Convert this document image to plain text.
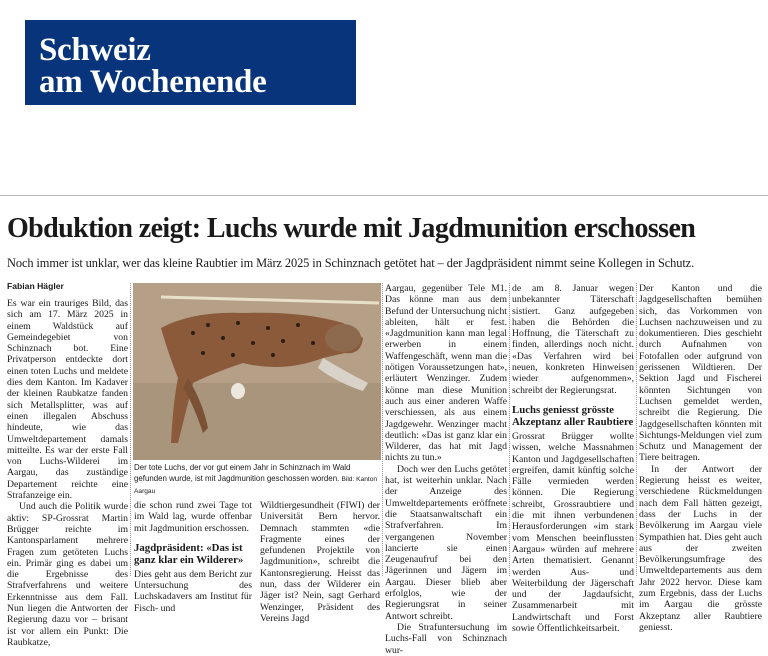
Schweiz
am Wochenende
Obduktion zeigt: Luchs wurde mit Jagdmunition erschossen
Noch immer ist unklar, wer das kleine Raubtier im März 2025 in Schinznach getötet hat – der Jagdpräsident nimmt seine Kollegen in Schutz.
Fabian Hägler

Es war ein trauriges Bild, das sich am 17. März 2025 in einem Waldstück auf Gemeindegebiet von Schinznach bot. Eine Privatperson entdeckte dort einen toten Luchs und meldete dies dem Kanton. Im Kadaver der kleinen Raubkatze fanden sich Metallsplitter, was auf einen illegalen Abschuss hindeute, wie das Umweltdepartement damals mitteilte. Es war der erste Fall von Luchs-Wilderei im Aargau, das zuständige Departement reichte eine Strafanzeige ein.

Und auch die Politik wurde aktiv: SP-Grossrat Martin Brügger reichte im Kantonsparlament mehrere Fragen zum getöteten Luchs ein. Primär ging es dabei um die Ergebnisse des Strafverfahrens und weitere Erkenntnisse aus dem Fall. Nun liegen die Antworten der Regierung dazu vor – brisant ist vor allem ein Punkt: Die Raubkatze,

Der tote Luchs, der vor gut einem Jahr in Schinznach im Wald gefunden wurde, ist mit Jagdmunition geschossen worden. Bild: Kanton Aargau

die schon rund zwei Tage tot im Wald lag, wurde offenbar mit Jagdmunition erschossen.

Jagdpräsident: «Das ist ganz klar ein Wilderer»

Dies geht aus dem Bericht zur Untersuchung des Luchskadavers am Institut für Fisch- und

Wildtiergesundheit (FIWI) der Universität Bern hervor. Demnach stammten «die Fragmente eines der gefundenen Projektile von Jagdmunition», schreibt die Kantonsregierung. Heisst das nun, dass der Wilderer ein Jäger ist? Nein, sagt Gerhard Wenzinger, Präsident des Vereins Jagd

Aargau, gegenüber Tele M1. Das könne man aus dem Befund der Untersuchung nicht ableiten, hält er fest. «Jagdmunition kann man legal erwerben in einem Waffengeschäft, wenn man die nötigen Voraussetzungen hat», erläutert Wenzinger. Zudem könne man diese Munition auch aus einer anderen Waffe verschiessen, als aus einem Jagdgewehr. Wenzinger macht deutlich: «Das ist ganz klar ein Wilderer, das hat mit Jagd nichts zu tun.»

Doch wer den Luchs getötet hat, ist weiterhin unklar. Nach der Anzeige des Umweltdepartements eröffnete die Staatsanwaltschaft ein Strafverfahren. Im vergangenen November lancierte sie einen Zeugenaufruf bei den Jägerinnen und Jägern im Aargau. Dieser blieb aber erfolglos, wie der Regierungsrat in seiner Antwort schreibt.

Die Strafuntersuchung im Luchs-Fall von Schinznach wur-

de am 8. Januar wegen unbekannter Täterschaft sistiert. Ganz aufgegeben haben die Behörden die Hoffnung, die Täterschaft zu finden, allerdings noch nicht. «Das Verfahren wird bei neuen, konkreten Hinweisen wieder aufgenommen», schreibt der Regierungsrat.

Luchs geniesst grösste Akzeptanz aller Raubtiere

Grossrat Brügger wollte wissen, welche Massnahmen Kanton und Jagdgesellschaften ergreifen, damit künftig solche Fälle vermieden werden können. Die Regierung schreibt, Grossraubtiere und die mit ihnen verbundenen Herausforderungen «im stark vom Menschen beeinflussten Aargau» würden auf mehrere Arten thematisiert. Genannt werden Aus- und Weiterbildung der Jägerschaft und der Jagdaufsicht, Zusammenarbeit mit Landwirtschaft und Forst sowie Öffentlichkeitsarbeit.

Der Kanton und die Jagdgesellschaften bemühen sich, das Vorkommen von Luchsen nachzuweisen und zu dokumentieren. Dies geschieht durch Aufnahmen von Fotofallen oder aufgrund von gerissenen Wildtieren. Der Sektion Jagd und Fischerei könnten Sichtungen von Luchsen gemeldet werden, schreibt die Regierung. Die Jagdgesellschaften könnten mit Sichtungs-Meldungen viel zum Schutz und Management der Tiere beitragen.

In der Antwort der Regierung heisst es weiter, verschiedene Rückmeldungen nach dem Fall hätten gezeigt, dass der Luchs in der Bevölkerung im Aargau viele Sympathien hat. Dies geht auch aus der zweiten Bevölkerungsumfrage des Umweltdepartements aus dem Jahr 2022 hervor. Diese kam zum Ergebnis, dass der Luchs im Aargau die grösste Akzeptanz aller Raubtiere geniesst.
